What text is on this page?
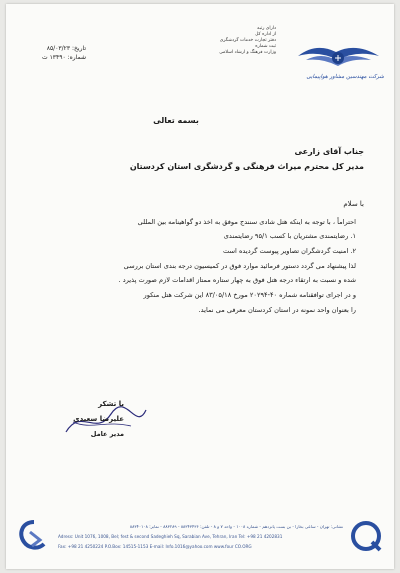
شرکت مهندسین مشاور هواپیمایی
دارای رتبه
از اداره کل
دفتر تجارت خدمات گردشگری
ثبت شماره
وزارت فرهنگ و ارشاد اسلامی
تاریخ: ۸۵/۰۳/۲۳
شماره: ۱۳۴۹۰ ت
بسمه تعالی
جناب آقای زارعی
مدیر کل محترم میراث فرهنگی و گردشگری استان کردستان
با سلام
احتراماً ، با توجه به اینکه هتل شادی سنندج موفق به اخذ دو گواهینامه بین المللی
۱. رضایتمندی مشتریان با کسب ۹۵/۱ رضایتمندی
۲. امنیت گردشگران تصاویر پیوست گردیده است
لذا پیشنهاد می گردد دستور فرمائید موارد فوق در کمیسیون درجه بندی استان بررسی
شده و نسبت به ارتقاء درجه هتل فوق به چهار ستاره ممتاز اقدامات لازم صورت پذیرد .
و در اجرای توافقنامه شماره ۴۰-۲۰۲۹۴ مورخ ۸۳/۰۵/۱۸ این شرکت هتل منکور
را بعنوان واحد نمونه در استان کردستان معرفی می نماید.
با تشکر
علیرضا سعیدی
مدیر عامل
نشانی: تهران - ساعی بخارا - بن بست پانزدهم - شماره ۱۰۰۸ - واحد ۷ و ۸ - تلفن: ۸۸۳۴۳۴۳۶ - ۸۸۳۲۸۹ - نمابر: ۸۸۳۴۰۱۰۸
Adress: Unit 1076, 1008, Bel; fest & second Sadeghieh Sq, Sarabian Ave, Tehran, Iran Tel: +98 21 4202831
Fax: +98 21 4250224 P.O.Box: 14515-1153 E-mail: Info.1016@yahoo.com www.four CO.ORG
